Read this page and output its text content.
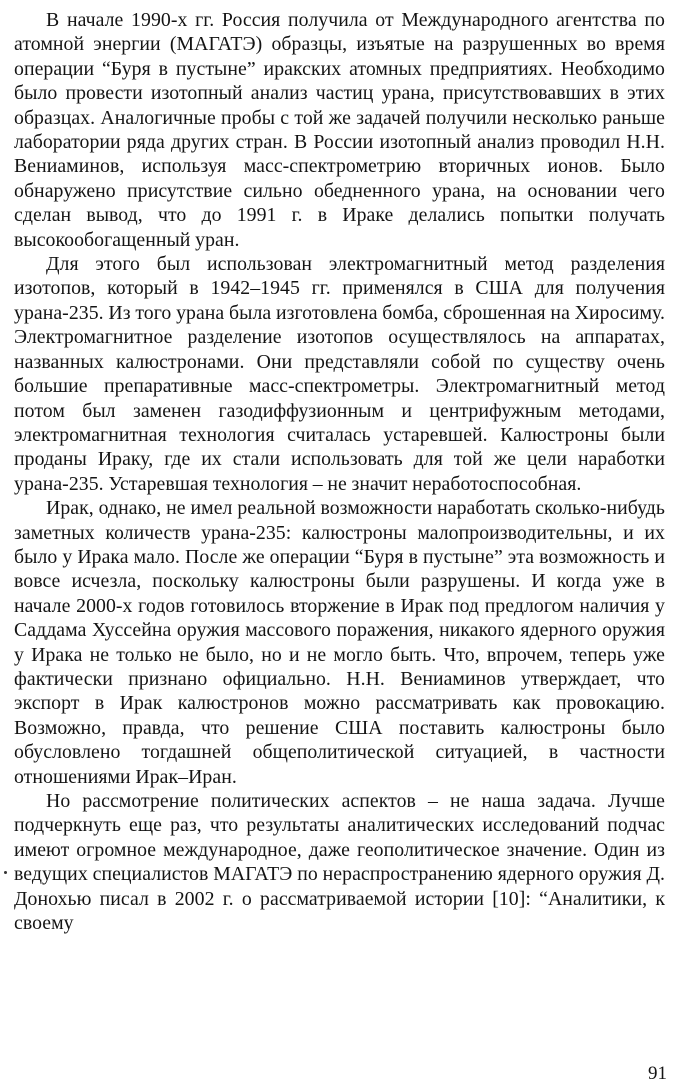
В начале 1990-х гг. Россия получила от Международного агентства по атомной энергии (МАГАТЭ) образцы, изъятые на разрушенных во время операции “Буря в пустыне” иракских атомных предприятиях. Необходимо было провести изотопный анализ частиц урана, присутствовавших в этих образцах. Аналогичные пробы с той же задачей получили несколько раньше лаборатории ряда других стран. В России изотопный анализ проводил Н.Н. Вениаминов, используя масс-спектрометрию вторичных ионов. Было обнаружено присутствие сильно обедненного урана, на основании чего сделан вывод, что до 1991 г. в Ираке делались попытки получать высокообогащенный уран.

Для этого был использован электромагнитный метод разделения изотопов, который в 1942–1945 гг. применялся в США для получения урана-235. Из того урана была изготовлена бомба, сброшенная на Хиросиму. Электромагнитное разделение изотопов осуществлялось на аппаратах, названных калюстронами. Они представляли собой по существу очень большие препаративные масс-спектрометры. Электромагнитный метод потом был заменен газодиффузионным и центрифужным методами, электромагнитная технология считалась устаревшей. Калюстроны были проданы Ираку, где их стали использовать для той же цели наработки урана-235. Устаревшая технология – не значит неработоспособная.

Ирак, однако, не имел реальной возможности наработать сколько-нибудь заметных количеств урана-235: калюстроны малопроизводительны, и их было у Ирака мало. После же операции “Буря в пустыне” эта возможность и вовсе исчезла, поскольку калюстроны были разрушены. И когда уже в начале 2000-х годов готовилось вторжение в Ирак под предлогом наличия у Саддама Хуссейна оружия массового поражения, никакого ядерного оружия у Ирака не только не было, но и не могло быть. Что, впрочем, теперь уже фактически признано официально. Н.Н. Вениаминов утверждает, что экспорт в Ирак калюстронов можно рассматривать как провокацию. Возможно, правда, что решение США поставить калюстроны было обусловлено тогдашней общеполитической ситуацией, в частности отношениями Ирак–Иран.

Но рассмотрение политических аспектов – не наша задача. Лучше подчеркнуть еще раз, что результаты аналитических исследований подчас имеют огромное международное, даже геополитическое значение. Один из ведущих специалистов МАГАТЭ по нераспространению ядерного оружия Д. Донохью писал в 2002 г. о рассматриваемой истории [10]: “Аналитики, к своему

91
